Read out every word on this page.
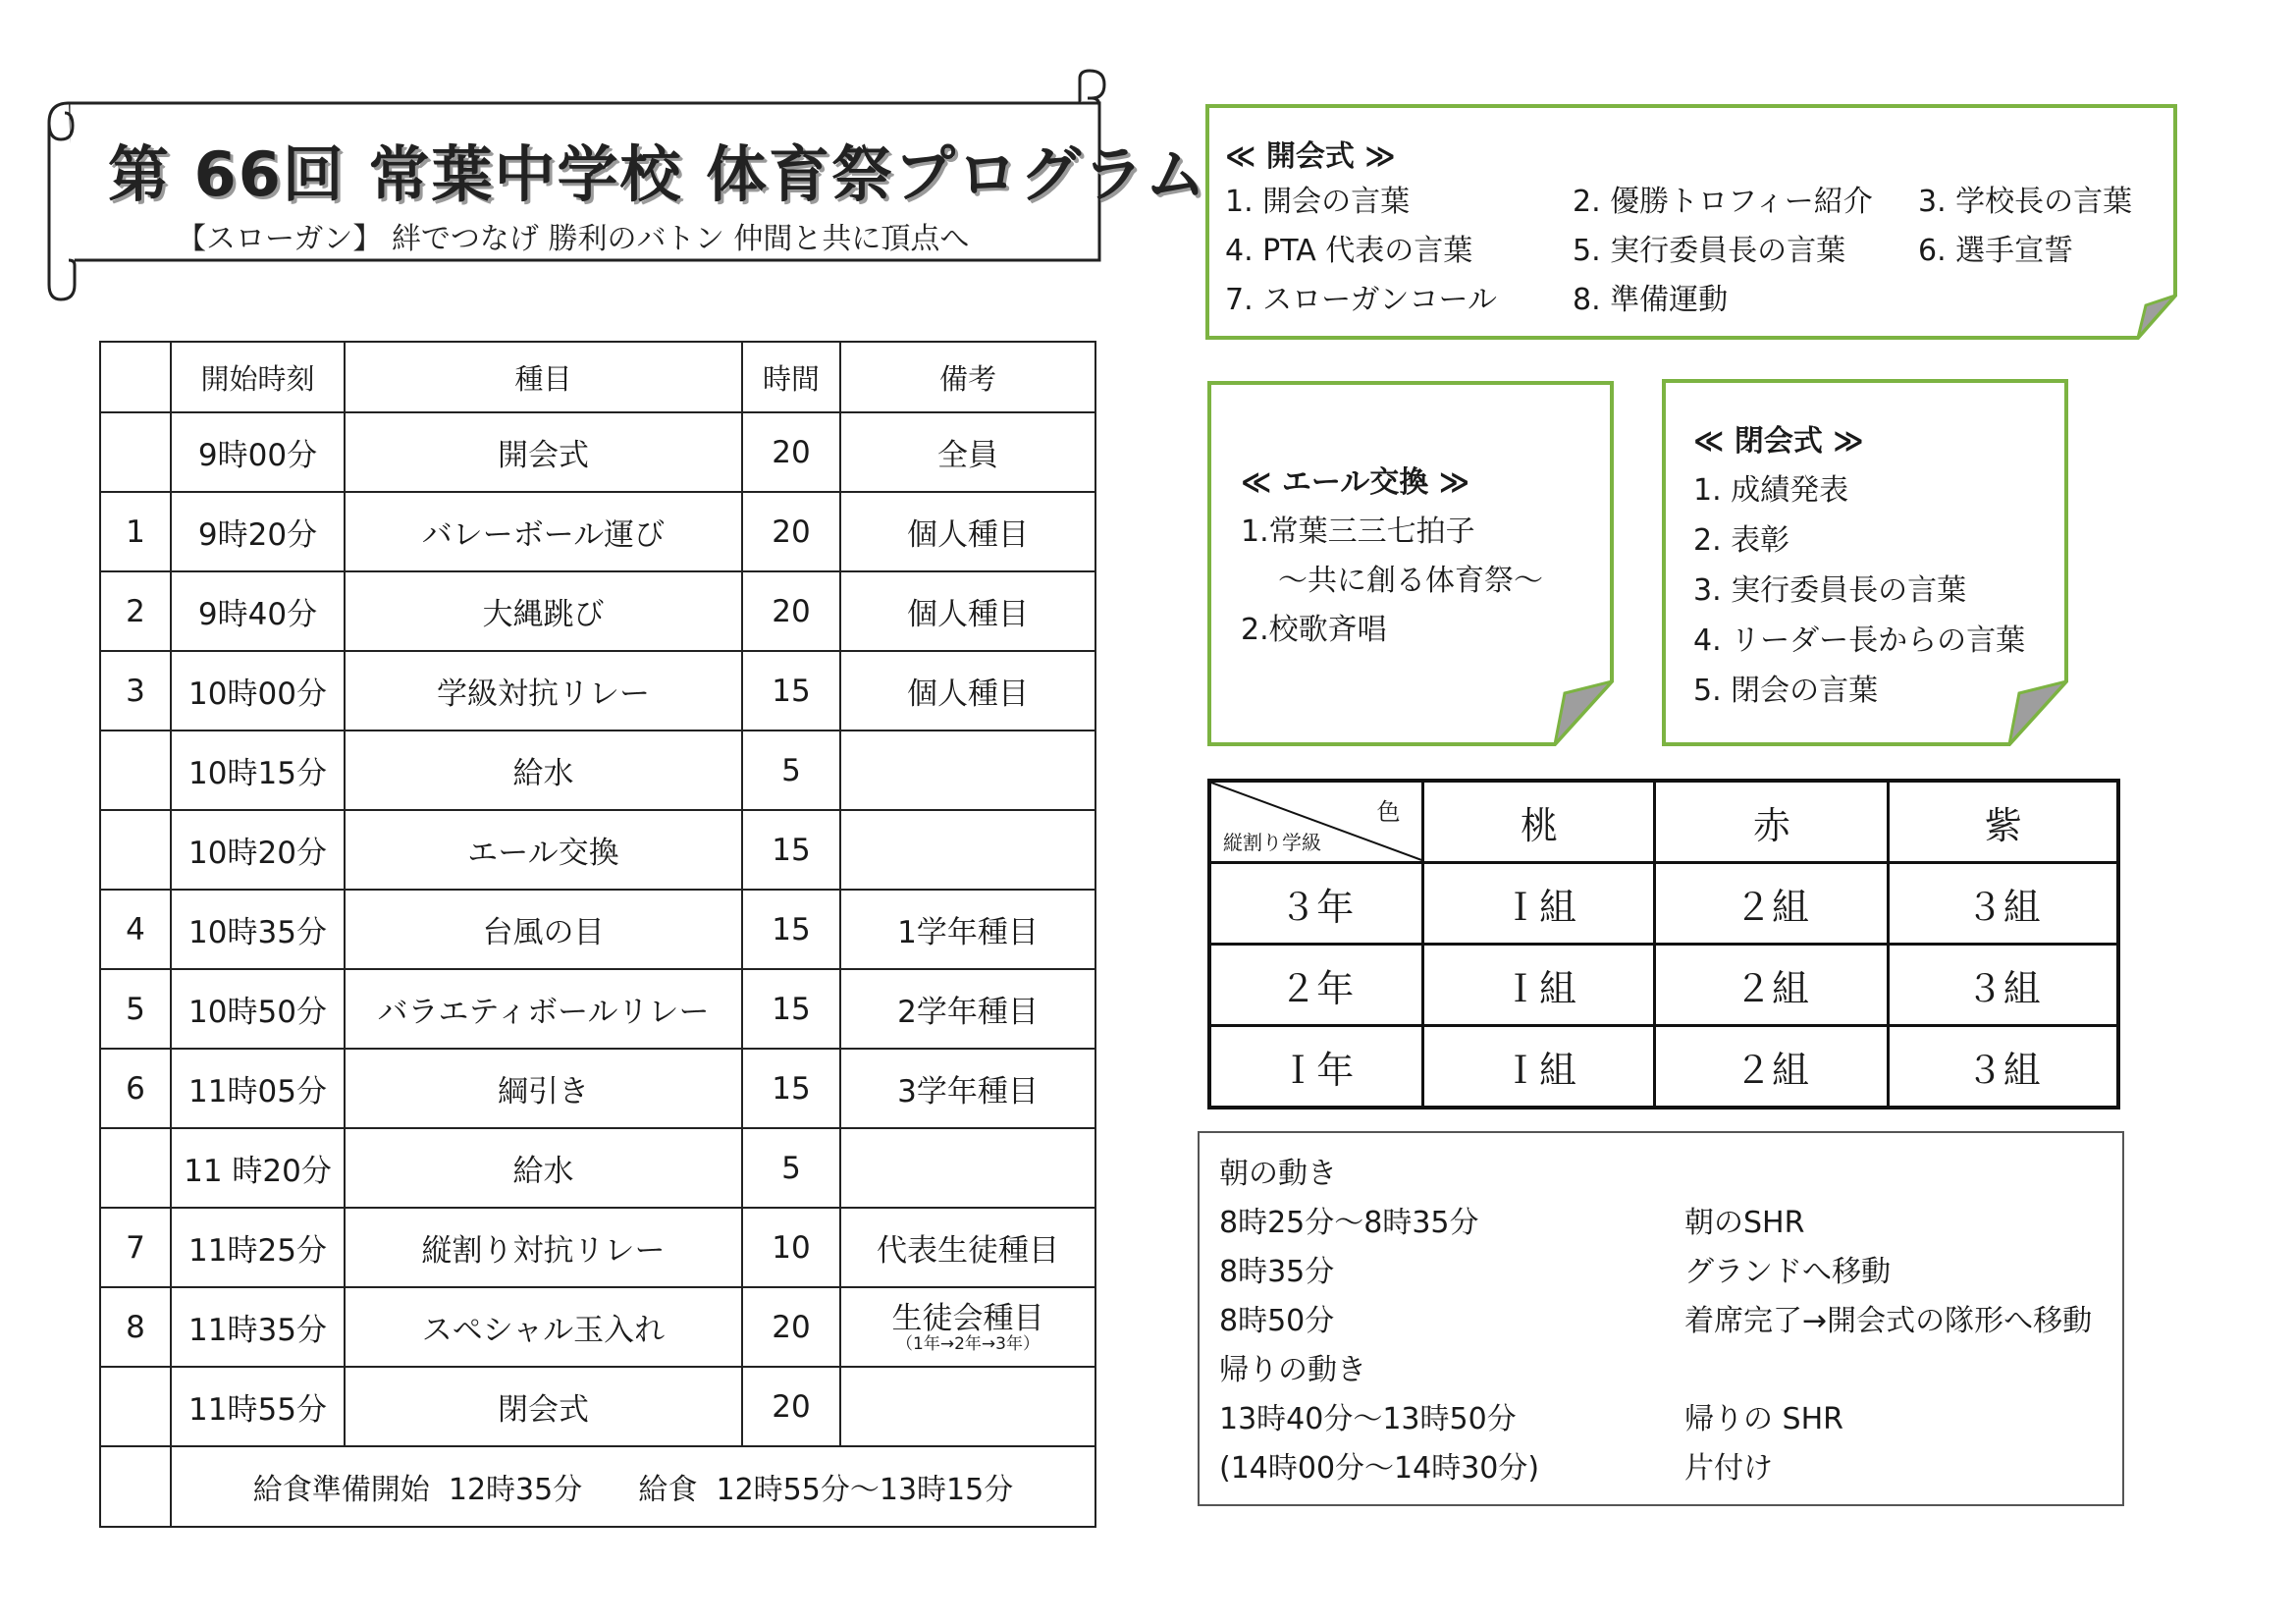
第 66回 常葉中学校 体育祭プログラム
【スローガン】 絆でつなげ 勝利のバトン 仲間と共に頂点へ
	開始時刻	種目	時間	備考
	9時00分	開会式	20	全員
1	9時20分	バレーボール運び	20	個人種目
2	9時40分	大縄跳び	20	個人種目
3	10時00分	学級対抗リレー	15	個人種目
	10時15分	給水	5	
	10時20分	エール交換	15	
4	10時35分	台風の目	15	1学年種目
5	10時50分	バラエティボールリレー	15	2学年種目
6	11時05分	綱引き	15	3学年種目
	11 時20分	給水	5	
7	11時25分	縦割り対抗リレー	10	代表生徒種目
8	11時35分	スペシャル玉入れ	20	生徒会種目
（1年→2年→3年）

	11時55分	閉会式	20	
	給食準備開始  12時35分      給食  12時55分～13時15分			
≪ 開会式 ≫
1. 開会の言葉	2. 優勝トロフィー紹介 3. 学校長の言葉
4. PTA 代表の言葉	5. 実行委員長の言葉 6. 選手宣誓
7. スローガンコール	8. 準備運動
≪ エール交換 ≫
1.常葉三三七拍子
～共に創る体育祭～
2.校歌斉唱
≪ 閉会式 ≫
1. 成績発表
2. 表彰
3. 実行委員長の言葉
4. リーダー長からの言葉
5. 閉会の言葉
色
縦割り学級	桃	赤	紫
３年	Ｉ組	２組	３組
２年	Ｉ組	２組	３組
Ｉ年	Ｉ組	２組	３組
朝の動き
8時25分～8時35分	朝のSHR
8時35分	グランドへ移動
8時50分	着席完了→開会式の隊形へ移動
帰りの動き
13時40分～13時50分	帰りの SHR
(14時00分～14時30分)	片付け
